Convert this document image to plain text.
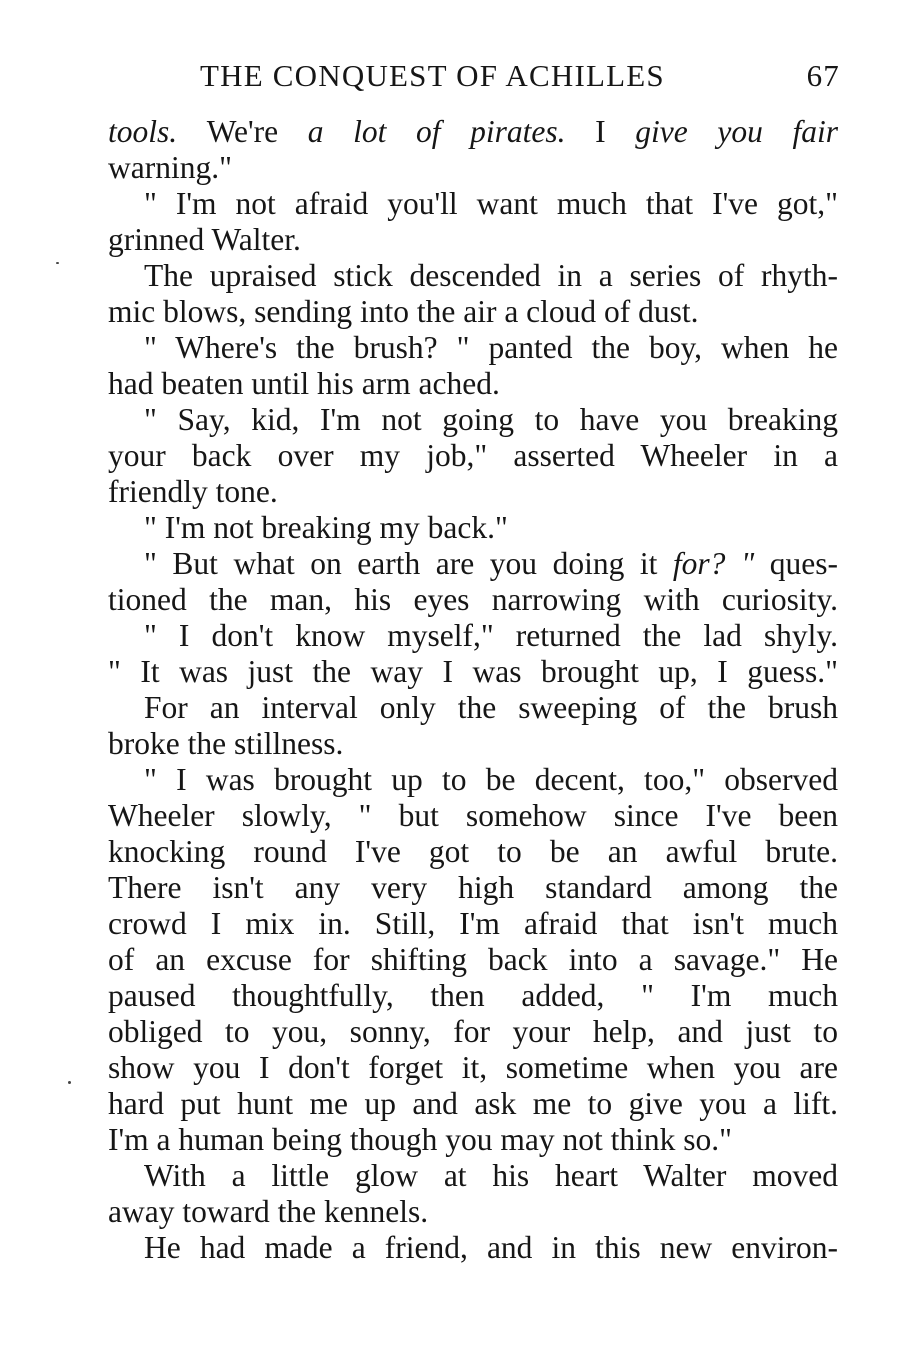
THE CONQUEST OF ACHILLES	67
tools. We're a lot of pirates. I give you fair
warning."
" I'm not afraid you'll want much that I've got,"
grinned Walter.
The upraised stick descended in a series of rhyth-
mic blows, sending into the air a cloud of dust.
" Where's the brush? " panted the boy, when he
had beaten until his arm ached.
" Say, kid, I'm not going to have you breaking
your back over my job," asserted Wheeler in a
friendly tone.
" I'm not breaking my back."
" But what on earth are you doing it for? " ques-
tioned the man, his eyes narrowing with curiosity.
" I don't know myself," returned the lad shyly.
" It was just the way I was brought up, I guess."
For an interval only the sweeping of the brush
broke the stillness.
" I was brought up to be decent, too," observed
Wheeler slowly, " but somehow since I've been
knocking round I've got to be an awful brute.
There isn't any very high standard among the
crowd I mix in. Still, I'm afraid that isn't much
of an excuse for shifting back into a savage." He
paused thoughtfully, then added, " I'm much
obliged to you, sonny, for your help, and just to
show you I don't forget it, sometime when you are
hard put hunt me up and ask me to give you a lift.
I'm a human being though you may not think so."
With a little glow at his heart Walter moved
away toward the kennels.
He had made a friend, and in this new environ-
